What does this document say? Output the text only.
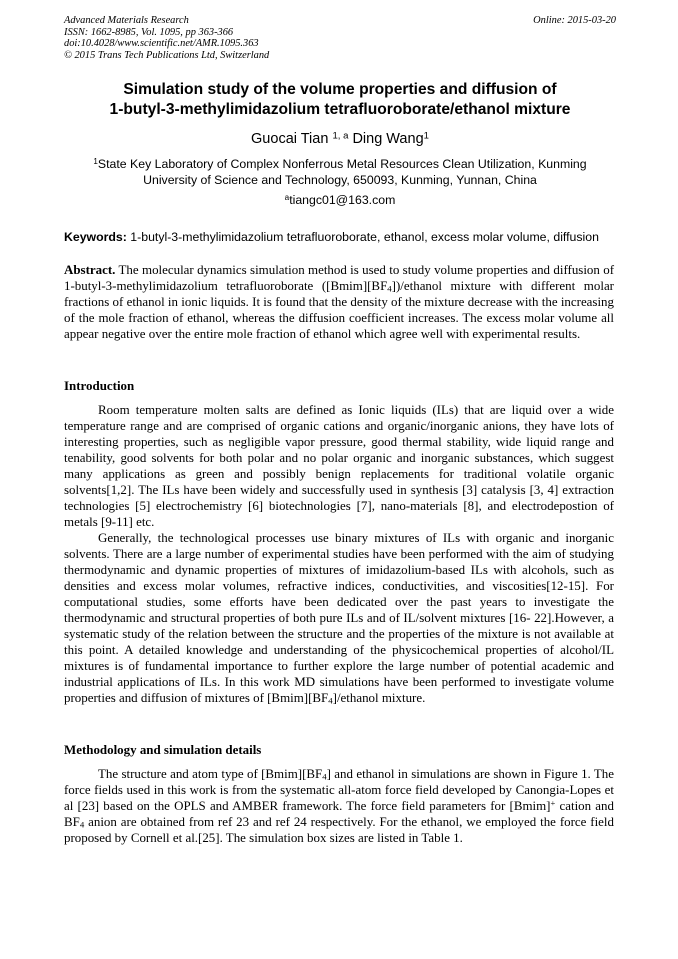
Advanced Materials Research
ISSN: 1662-8985, Vol. 1095, pp 363-366
doi:10.4028/www.scientific.net/AMR.1095.363
© 2015 Trans Tech Publications Ltd, Switzerland
Online: 2015-03-20
Simulation study of the volume properties and diffusion of
1-butyl-3-methylimidazolium tetrafluoroborate/ethanol mixture
Guocai Tian $^{1, a}$ Ding Wang$^1$
$^1$State Key Laboratory of Complex Nonferrous Metal Resources Clean Utilization, Kunming
University of Science and Technology, 650093, Kunming, Yunnan, China
$^a$tiangc01@163.com
Keywords: 1-butyl-3-methylimidazolium tetrafluoroborate, ethanol, excess molar volume, diffusion

Abstract. The molecular dynamics simulation method is used to study volume properties and diffusion of 1-butyl-3-methylimidazolium tetrafluoroborate $([Bmim][BF_4])$/ethanol mixture with different molar fractions of ethanol in ionic liquids. It is found that the density of the mixture decrease with the increasing of the mole fraction of ethanol, whereas the diffusion coefficient increases. The excess molar volume all appear negative over the entire mole fraction of ethanol which agree well with experimental results.

Introduction

Room temperature molten salts are defined as Ionic liquids (ILs) that are liquid over a wide temperature range and are comprised of organic cations and organic/inorganic anions, they have lots of interesting properties, such as negligible vapor pressure, good thermal stability, wide liquid range and tenability, good solvents for both polar and no polar organic and inorganic substances, which suggest many applications as green and possibly benign replacements for traditional volatile organic solvents[1,2]. The ILs have been widely and successfully used in synthesis [3] catalysis [3, 4] extraction technologies [5] electrochemistry [6] biotechnologies [7], nano-materials [8], and electrodepostion of metals [9-11] etc.

Generally, the technological processes use binary mixtures of ILs with organic and inorganic solvents. There are a large number of experimental studies have been performed with the aim of studying thermodynamic and dynamic properties of mixtures of imidazolium-based ILs with alcohols, such as densities and excess molar volumes, refractive indices, conductivities, and viscosities[12-15]. For computational studies, some efforts have been dedicated over the past years to investigate the thermodynamic and structural properties of both pure ILs and of IL/solvent mixtures [16- 22].However, a systematic study of the relation between the structure and the properties of the mixture is not available at this point. A detailed knowledge and understanding of the physicochemical properties of alcohol/IL mixtures is of fundamental importance to further explore the large number of potential academic and industrial applications of ILs. In this work MD simulations have been performed to investigate volume properties and diffusion of mixtures of $[Bmim][BF_4]$/ethanol mixture.

Methodology and simulation details

The structure and atom type of $[Bmim][BF_4]$ and ethanol in simulations are shown in Figure 1. The force fields used in this work is from the systematic all-atom force field developed by Canongia-Lopes et al [23] based on the OPLS and AMBER framework. The force field parameters for [Bmim]+ cation and $BF_4$ anion are obtained from ref 23 and ref 24 respectively. For the ethanol, we employed the force field proposed by Cornell et al.[25]. The simulation box sizes are listed in Table 1.
